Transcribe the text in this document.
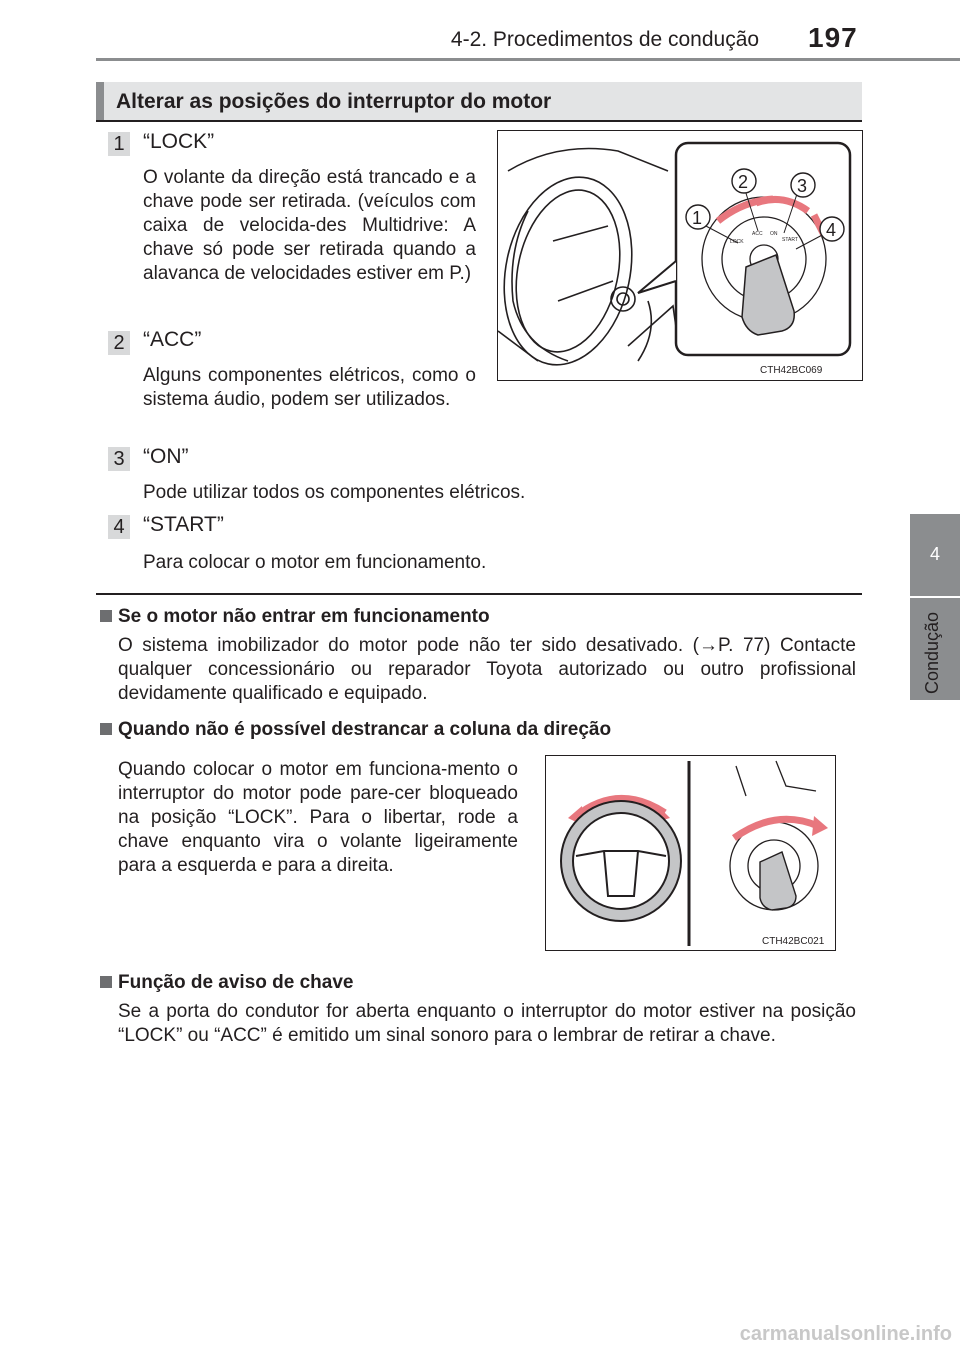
4-2. Procedimentos de condução	197
4
Condução
Alterar as posições do interruptor do motor
1 “LOCK”
O volante da direção está trancado e a chave pode ser retirada. (veículos com caixa de velocida-des Multidrive: A chave só pode ser retirada quando a alavanca de velocidades estiver em P.)
2 “ACC”
Alguns componentes elétricos, como o sistema áudio, podem ser utilizados.
3 “ON”
Pode utilizar todos os componentes elétricos.
4 “START”
Para colocar o motor em funcionamento.
1
2	3
4
LOCK
ACC ON
START
CTH42BC069
Se o motor não entrar em funcionamento
O sistema imobilizador do motor pode não ter sido desativado. (→P. 77) Contacte qualquer concessionário ou reparador Toyota autorizado ou outro profissional devidamente qualificado e equipado.
Quando não é possível destrancar a coluna da direção
Quando colocar o motor em funciona-mento o interruptor do motor pode pare-cer bloqueado na posição “LOCK”. Para o libertar, rode a chave enquanto vira o volante ligeiramente para a esquerda e para a direita.
CTH42BC021
Função de aviso de chave
Se a porta do condutor for aberta enquanto o interruptor do motor estiver na posição “LOCK” ou “ACC” é emitido um sinal sonoro para o lembrar de retirar a chave.
carmanualsonline.info
